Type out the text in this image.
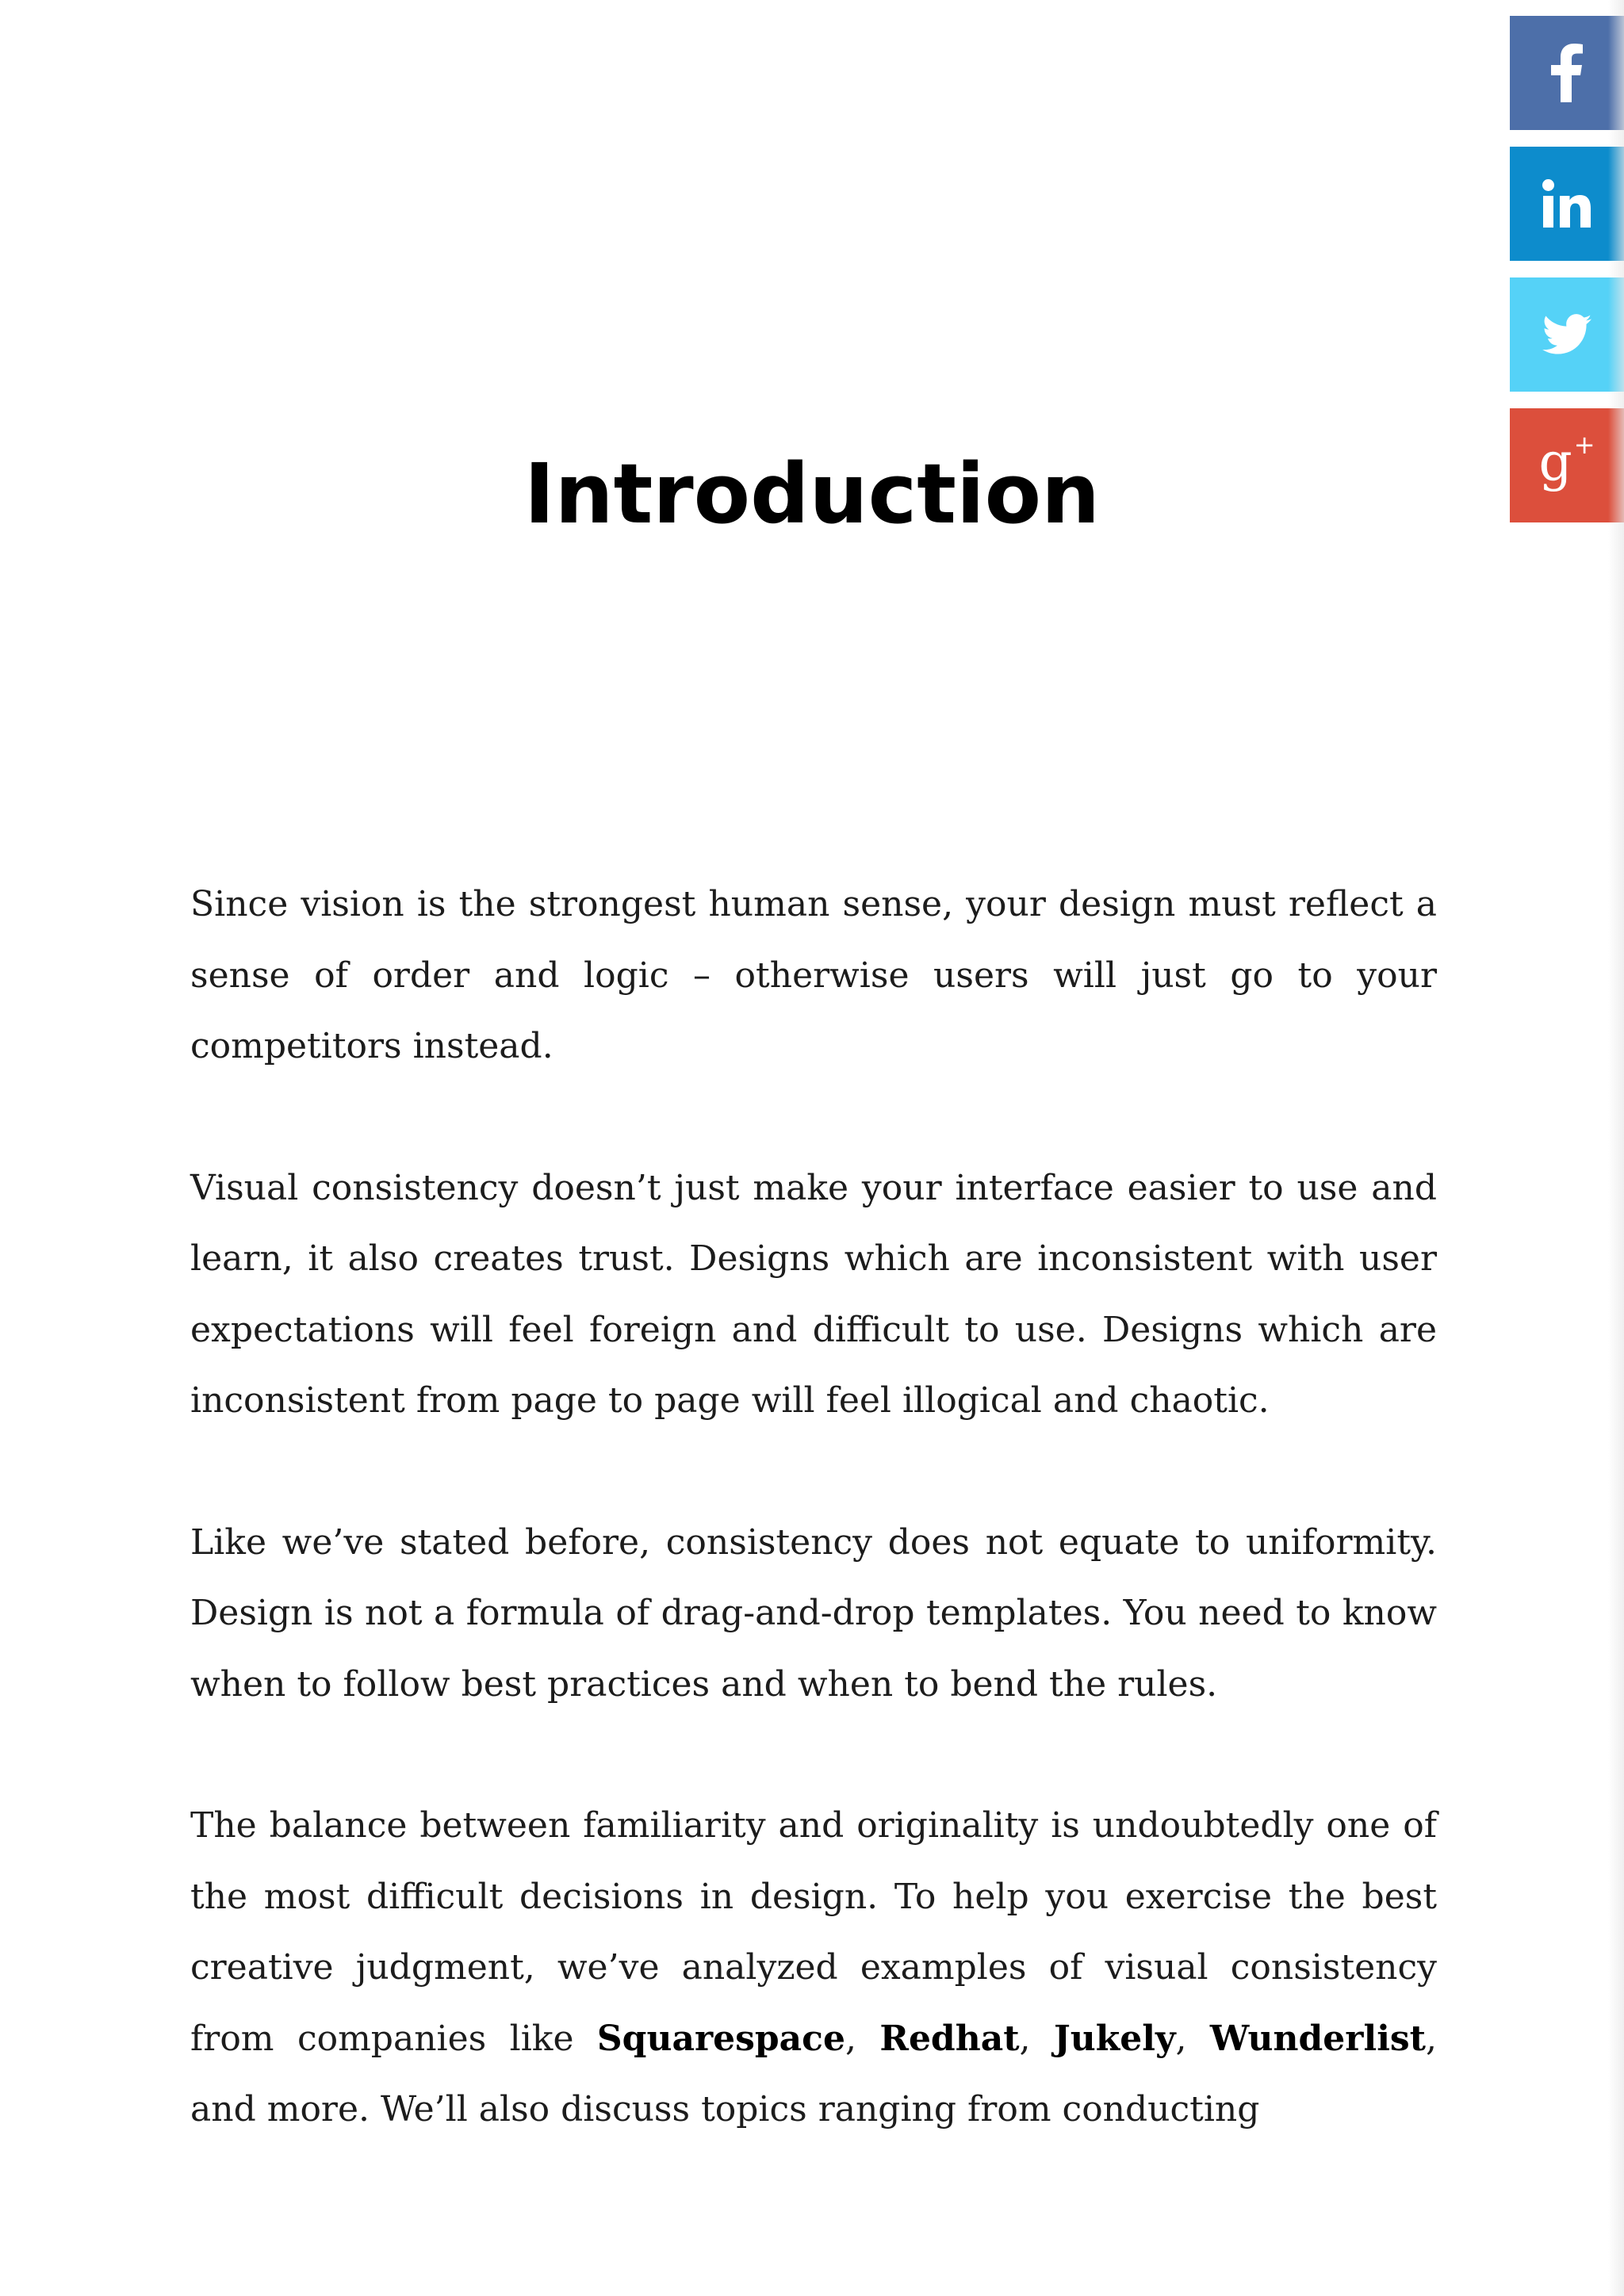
g+
Introduction

Since vision is the strongest human sense, your design must reflect a sense of order and logic – otherwise users will just go to your competitors instead.

Visual consistency doesn’t just make your interface easier to use and learn, it also creates trust. Designs which are inconsistent with user expectations will feel foreign and difficult to use. Designs which are inconsistent from page to page will feel illogical and chaotic.

Like we’ve stated before, consistency does not equate to uniformity. Design is not a formula of drag-and-drop templates. You need to know when to follow best practices and when to bend the rules.

The balance between familiarity and originality is undoubtedly one of the most difficult decisions in design. To help you exercise the best creative judgment, we’ve analyzed examples of visual consistency from companies like Squarespace, Redhat, Jukely, Wunderlist, and more. We’ll also discuss topics ranging from conducting
